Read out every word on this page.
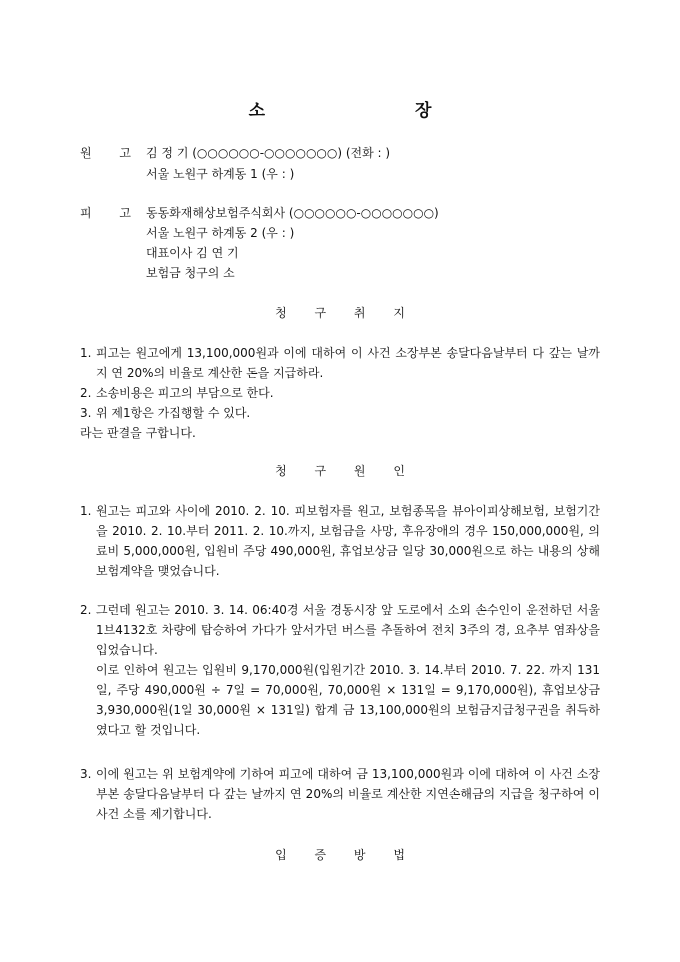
소 장
원 고 김 정 기 (○○○○○○-○○○○○○○) (전화 : )
서울 노원구 하계동 1 (우 : )
피 고 동동화재해상보험주식회사 (○○○○○○-○○○○○○○)
서울 노원구 하계동 2 (우 : )
대표이사 김 연 기
보험금 청구의 소
청 구 취 지
1. 피고는 원고에게 13,100,000원과 이에 대하여 이 사건 소장부본 송달다음날부터 다 갚는 날까지 연 20%의 비율로 계산한 돈을 지급하라.
2. 소송비용은 피고의 부담으로 한다.
3. 위 제1항은 가집행할 수 있다.
라는 판결을 구합니다.
청 구 원 인
1. 원고는 피고와 사이에 2010. 2. 10. 피보험자를 원고, 보험종목을 뷰아이피상해보험, 보험기간을 2010. 2. 10.부터 2011. 2. 10.까지, 보험금을 사망, 후유장애의 경우 150,000,000원, 의료비 5,000,000원, 입원비 주당 490,000원, 휴업보상금 일당 30,000원으로 하는 내용의 상해보험계약을 맺었습니다.
2. 그런데 원고는 2010. 3. 14. 06:40경 서울 경동시장 앞 도로에서 소외 손수인이 운전하던 서울 1브4132호 차량에 탑승하여 가다가 앞서가던 버스를 추돌하여 전치 3주의 경, 요추부 염좌상을 입었습니다.
이로 인하여 원고는 입원비 9,170,000원(입원기간 2010. 3. 14.부터 2010. 7. 22. 까지 131일, 주당 490,000원 ÷ 7일 = 70,000원, 70,000원 × 131일 = 9,170,000원), 휴업보상금 3,930,000원(1일 30,000원 × 131일) 합계 금 13,100,000원의 보험금지급청구권을 취득하였다고 할 것입니다.
3. 이에 원고는 위 보험계약에 기하여 피고에 대하여 금 13,100,000원과 이에 대하여 이 사건 소장부본 송달다음날부터 다 갚는 날까지 연 20%의 비율로 계산한 지연손해금의 지급을 청구하여 이 사건 소를 제기합니다.
입 증 방 법
